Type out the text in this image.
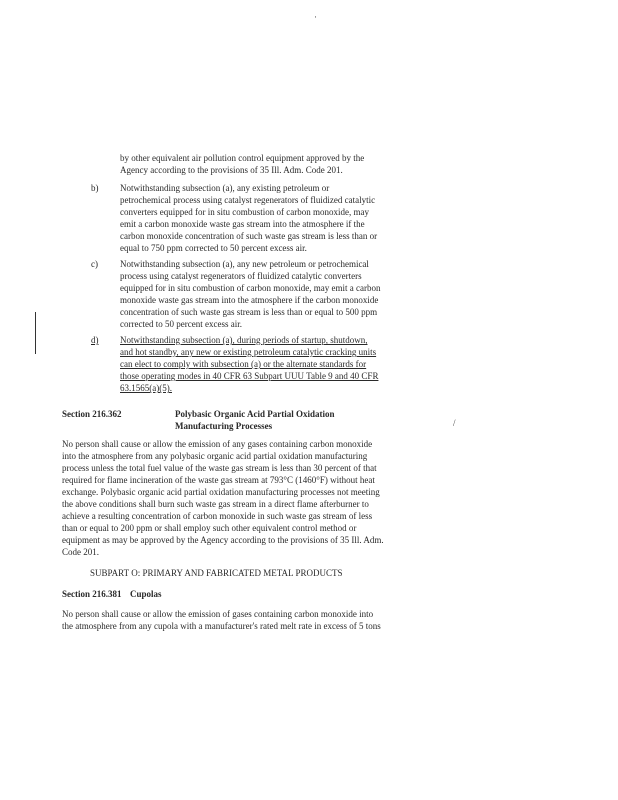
·

by other equivalent air pollution control equipment approved by the Agency according to the provisions of 35 Ill. Adm. Code 201.

b) Notwithstanding subsection (a), any existing petroleum or petrochemical process using catalyst regenerators of fluidized catalytic converters equipped for in situ combustion of carbon monoxide, may emit a carbon monoxide waste gas stream into the atmosphere if the carbon monoxide concentration of such waste gas stream is less than or equal to 750 ppm corrected to 50 percent excess air.

c) Notwithstanding subsection (a), any new petroleum or petrochemical process using catalyst regenerators of fluidized catalytic converters equipped for in situ combustion of carbon monoxide, may emit a carbon monoxide waste gas stream into the atmosphere if the carbon monoxide concentration of such waste gas stream is less than or equal to 500 ppm corrected to 50 percent excess air.

d) Notwithstanding subsection (a), during periods of startup, shutdown, and hot standby, any new or existing petroleum catalytic cracking units can elect to comply with subsection (a) or the alternate standards for those operating modes in 40 CFR 63 Subpart UUU Table 9 and 40 CFR 63.1565(a)(5).

Section 216.362	Polybasic Organic Acid Partial Oxidation Manufacturing Processes	/

No person shall cause or allow the emission of any gases containing carbon monoxide into the atmosphere from any polybasic organic acid partial oxidation manufacturing process unless the total fuel value of the waste gas stream is less than 30 percent of that required for flame incineration of the waste gas stream at 793°C (1460°F) without heat exchange. Polybasic organic acid partial oxidation manufacturing processes not meeting the above conditions shall burn such waste gas stream in a direct flame afterburner to achieve a resulting concentration of carbon monoxide in such waste gas stream of less than or equal to 200 ppm or shall employ such other equivalent control method or equipment as may be approved by the Agency according to the provisions of 35 Ill. Adm. Code 201.

SUBPART O: PRIMARY AND FABRICATED METAL PRODUCTS
Section 216.381 Cupolas

No person shall cause or allow the emission of gases containing carbon monoxide into the atmosphere from any cupola with a manufacturer's rated melt rate in excess of 5 tons
